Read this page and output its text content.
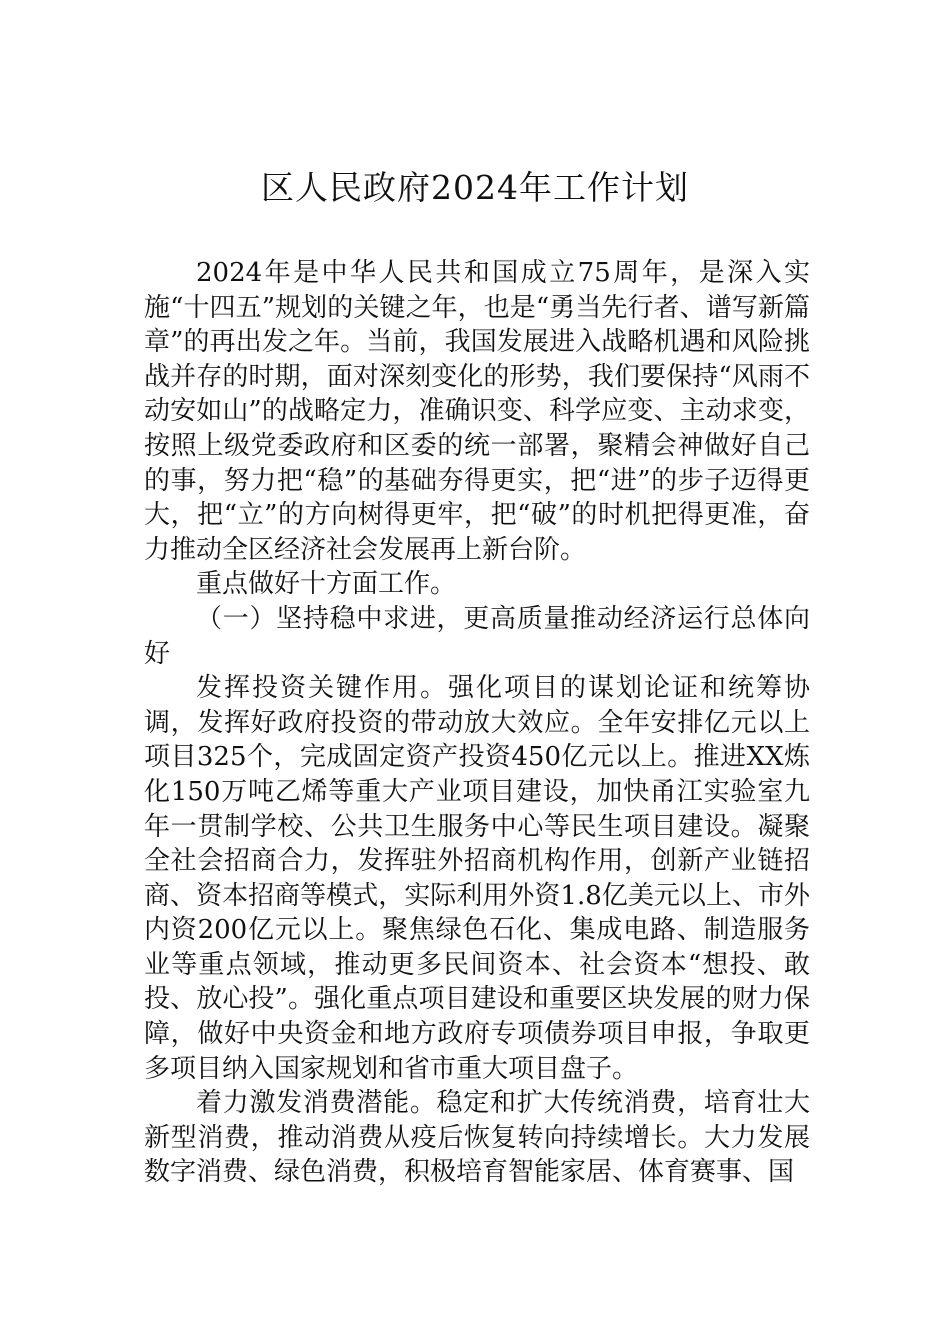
区人民政府2024年工作计划

2024年是中华人民共和国成立75周年，是深入实施“十四五”规划的关键之年，也是“勇当先行者、谱写新篇章”的再出发之年。当前，我国发展进入战略机遇和风险挑战并存的时期，面对深刻变化的形势，我们要保持“风雨不动安如山”的战略定力，准确识变、科学应变、主动求变，按照上级党委政府和区委的统一部署，聚精会神做好自己的事，努力把“稳”的基础夯得更实，把“进”的步子迈得更大，把“立”的方向树得更牢，把“破”的时机把得更准，奋力推动全区经济社会发展再上新台阶。

重点做好十方面工作。

（一）坚持稳中求进，更高质量推动经济运行总体向好

发挥投资关键作用。强化项目的谋划论证和统筹协调，发挥好政府投资的带动放大效应。全年安排亿元以上项目325个，完成固定资产投资450亿元以上。推进XX炼化150万吨乙烯等重大产业项目建设，加快甬江实验室九年一贯制学校、公共卫生服务中心等民生项目建设。凝聚全社会招商合力，发挥驻外招商机构作用，创新产业链招商、资本招商等模式，实际利用外资1.8亿美元以上、市外内资200亿元以上。聚焦绿色石化、集成电路、制造服务业等重点领域，推动更多民间资本、社会资本“想投、敢投、放心投”。强化重点项目建设和重要区块发展的财力保障，做好中央资金和地方政府专项债券项目申报，争取更多项目纳入国家规划和省市重大项目盘子。

着力激发消费潜能。稳定和扩大传统消费，培育壮大新型消费，推动消费从疫后恢复转向持续增长。大力发展数字消费、绿色消费，积极培育智能家居、体育赛事、国
